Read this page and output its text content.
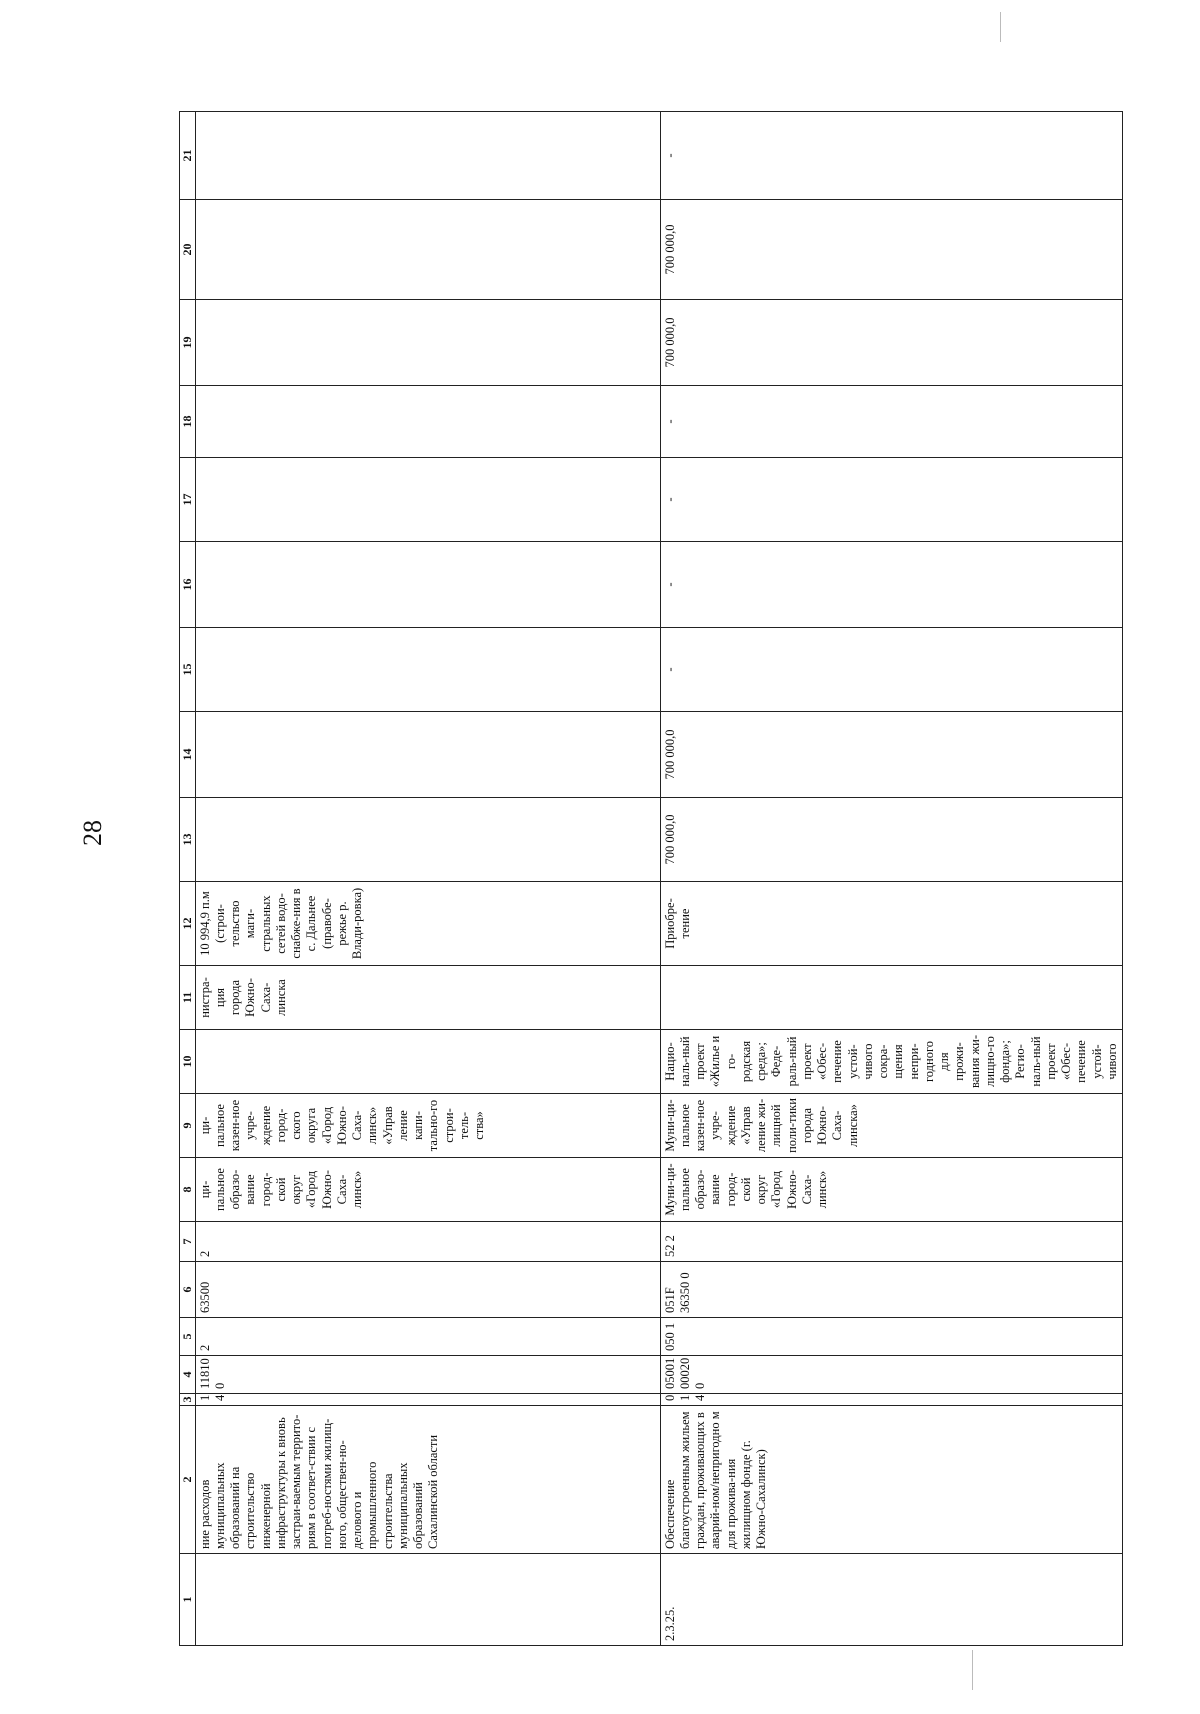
28
1	2	3	4	5	6	7	8	9	10	11	12	13	14	15	16	17	18	19	20	21
	ние расходов муниципальных образований на строительство инженерной инфраструктуры к вновь застраи-ваемым террито-риям в соответ-ствии с потреб-ностями жилищ-ного, обществен-но-делового и промышленного строительства муниципальных образований Сахалинской области	1 4	11810 0	2	63500	2	ци-пальное образо-вание город-ской округ «Город Южно-Саха-линск»	ци-пальное казен-ное учре-ждение город-ского округа «Город Южно-Саха-линск» «Управ ление капи-тально-го строи-тель-ства»		нистра-ция города Южно-Саха-линска	10 994,9 п.м (строи-тельство маги-стральных сетей водо-снабже-ния в с. Дальнее (правобе-режье р. Влади-ровка)									
2.3.25.	Обеспечение благоустроенным жильем граждан, проживающих в аварий-ном/непригодно м для прожива-ния жилищном фонде (г. Южно-Сахалинск)	0 1 4	05001 00020 0	050 1	051F 36350 0	52 2	Муни-ци-пальное образо-вание город-ской округ «Город Южно-Саха-линск»	Муни-ци-пальное казен-ное учре-ждение «Управ ление жи-лищной поли-тики города Южно-Саха-линска»	Нацио-наль-ный проект «Жилье и го-родская среда»; Феде-раль-ный проект «Обес-печение устой-чивого сокра-щения непри-годного для прожи-вания жи-лищно-го фонда»; Регио-наль-ный проект «Обес-печение устой-чивого		Приобре-тение	700 000,0	700 000,0	-	-	-	-	700 000,0	700 000,0	-
